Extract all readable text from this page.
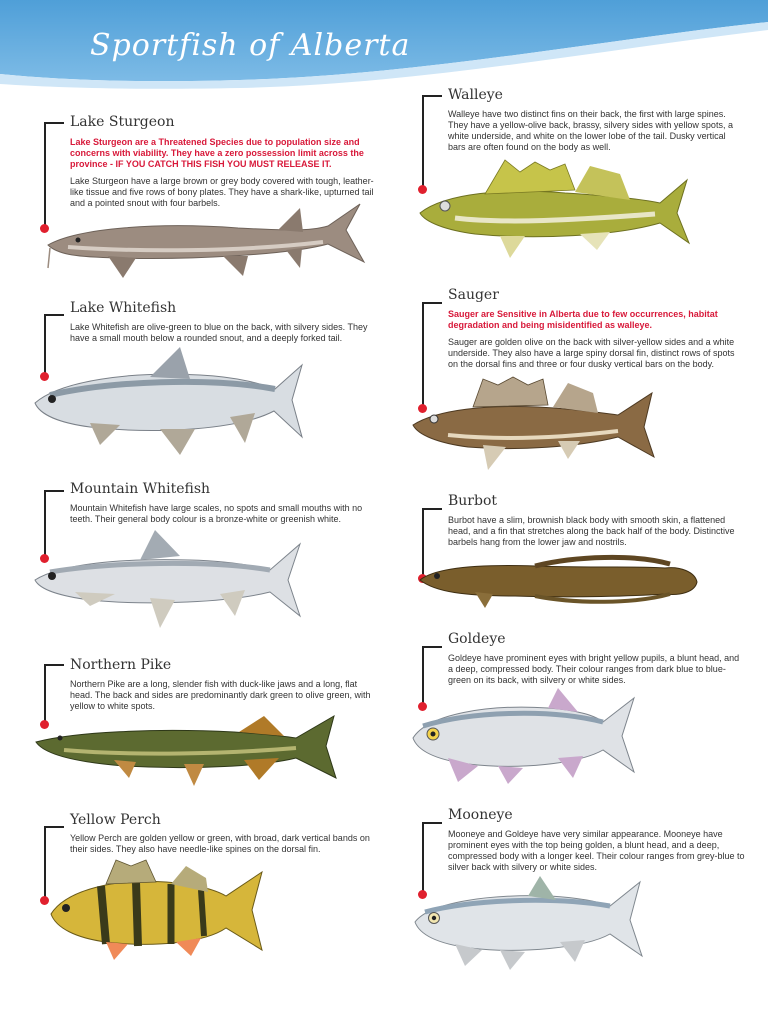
Sportfish of Alberta
Lake Sturgeon
Lake Sturgeon are a Threatened Species due to population size and concerns with viability. They have a zero possession limit across the province - IF YOU CATCH THIS FISH YOU MUST RELEASE IT.
Lake Sturgeon have a large brown or grey body covered with tough, leather-like tissue and five rows of bony plates. They have a shark-like, upturned tail and a pointed snout with four barbels.
Walleye
Walleye have two distinct fins on their back, the first with large spines. They have a yellow-olive back, brassy, silvery sides with yellow spots, a white underside, and white on the lower lobe of the tail. Dusky vertical bars are often found on the body as well.
Lake Whitefish
Lake Whitefish are olive-green to blue on the back, with silvery sides. They have a small mouth below a rounded snout, and a deeply forked tail.
Sauger
Sauger are Sensitive in Alberta due to few occurrences, habitat degradation and being misidentified as walleye.
Sauger are golden olive on the back with silver-yellow sides and a white underside. They also have a large spiny dorsal fin, distinct rows of spots on the dorsal fins and three or four dusky vertical bars on the body.
Mountain Whitefish
Mountain Whitefish have large scales, no spots and small mouths with no teeth. Their general body colour is a bronze-white or greenish white.
Burbot
Burbot have a slim, brownish black body with smooth skin, a flattened head, and a fin that stretches along the back half of the body. Distinctive barbels hang from the lower jaw and nostrils.
Northern Pike
Northern Pike are a long, slender fish with duck-like jaws and a long, flat head. The back and sides are predominantly dark green to olive green, with yellow to white spots.
Goldeye
Goldeye have prominent eyes with bright yellow pupils, a blunt head, and a deep, compressed body. Their colour ranges from dark blue to blue-green on its back, with silvery or white sides.
Yellow Perch
Yellow Perch are golden yellow or green, with broad, dark vertical bands on their sides. They also have needle-like spines on the dorsal fin.
Mooneye
Mooneye and Goldeye have very similar appearance. Mooneye have prominent eyes with the top being golden, a blunt head, and a deep, compressed body with a longer keel. Their colour ranges from grey-blue to silver back with silvery or white sides.
